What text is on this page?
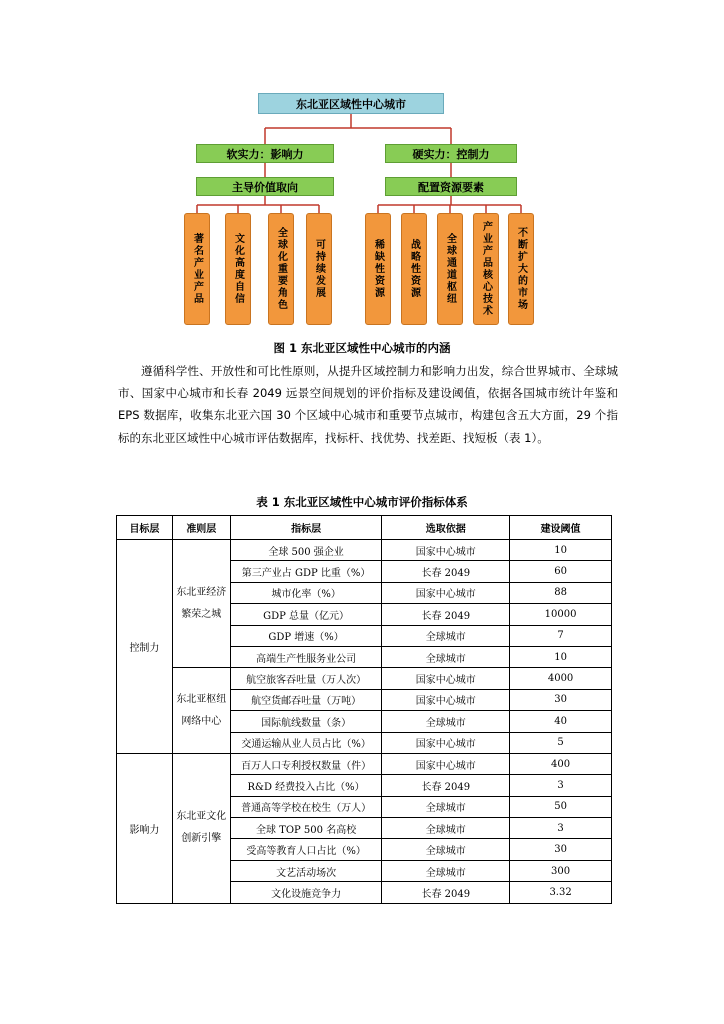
东北亚区域性中心城市
软实力：影响力	硬实力：控制力
主导价值取向	配置资源要素
著名产业产品	文化高度自信	全球化重要角色	可持续发展	稀缺性资源	战略性资源	全球通道枢纽	产业产品核心技术	不断扩大的市场
图 1 东北亚区域性中心城市的内涵

遵循科学性、开放性和可比性原则，从提升区域控制力和影响力出发，综合世界城市、全球城市、国家中心城市和长春 2049 远景空间规划的评价指标及建设阈值，依据各国城市统计年鉴和 EPS 数据库，收集东北亚六国 30 个区域中心城市和重要节点城市，构建包含五大方面，29 个指标的东北亚区域性中心城市评估数据库，找标杆、找优势、找差距、找短板（表 1）。

表 1 东北亚区域性中心城市评价指标体系
目标层	准则层	指标层	选取依据	建设阈值
控制力	东北亚经济繁荣之城	全球 500 强企业	国家中心城市	10
		第三产业占 GDP 比重（%）	长春 2049	60
		城市化率（%）	国家中心城市	88
		GDP 总量（亿元）	长春 2049	10000
		GDP 增速（%）	全球城市	7
		高端生产性服务业公司	全球城市	10
	东北亚枢纽网络中心	航空旅客吞吐量（万人次）	国家中心城市	4000
		航空货邮吞吐量（万吨）	国家中心城市	30
		国际航线数量（条）	全球城市	40
		交通运输从业人员占比（%）	国家中心城市	5
影响力	东北亚文化创新引擎	百万人口专利授权数量（件）	国家中心城市	400
		R&D 经费投入占比（%）	长春 2049	3
		普通高等学校在校生（万人）	全球城市	50
		全球 TOP 500 名高校	全球城市	3
		受高等教育人口占比（%）	全球城市	30
		文艺活动场次	全球城市	300
		文化设施竞争力	长春 2049	3.32
